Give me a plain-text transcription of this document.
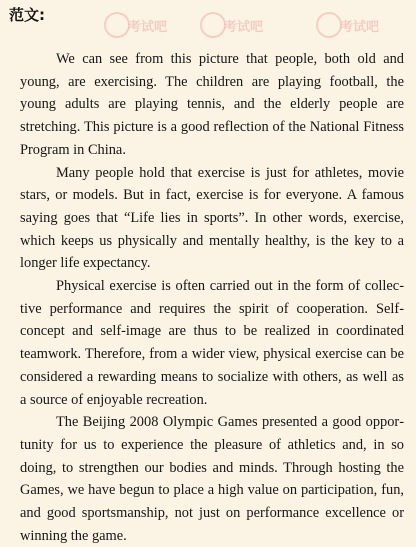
考试吧	考试吧	考试吧
范文:

We can see from this picture that people, both old and young, are exercising. The children are playing football, the young adults are playing tennis, and the elderly people are stretching. This picture is a good reflection of the National Fitness Program in China.

Many people hold that exercise is just for athletes, movie stars, or models. But in fact, exercise is for everyone. A famous saying goes that “Life lies in sports”. In other words, exercise, which keeps us physically and mentally healthy, is the key to a longer life expectancy.

Physical exercise is often carried out in the form of collective performance and requires the spirit of cooperation. Self-concept and self-image are thus to be realized in coordinated teamwork. Therefore, from a wider view, physical exercise can be considered a rewarding means to socialize with others, as well as a source of enjoyable recreation.

The Beijing 2008 Olympic Games presented a good opportunity for us to experience the pleasure of athletics and, in so doing, to strengthen our bodies and minds. Through hosting the Games, we have begun to place a high value on participation, fun, and good sportsmanship, not just on performance excellence or winning the game.
